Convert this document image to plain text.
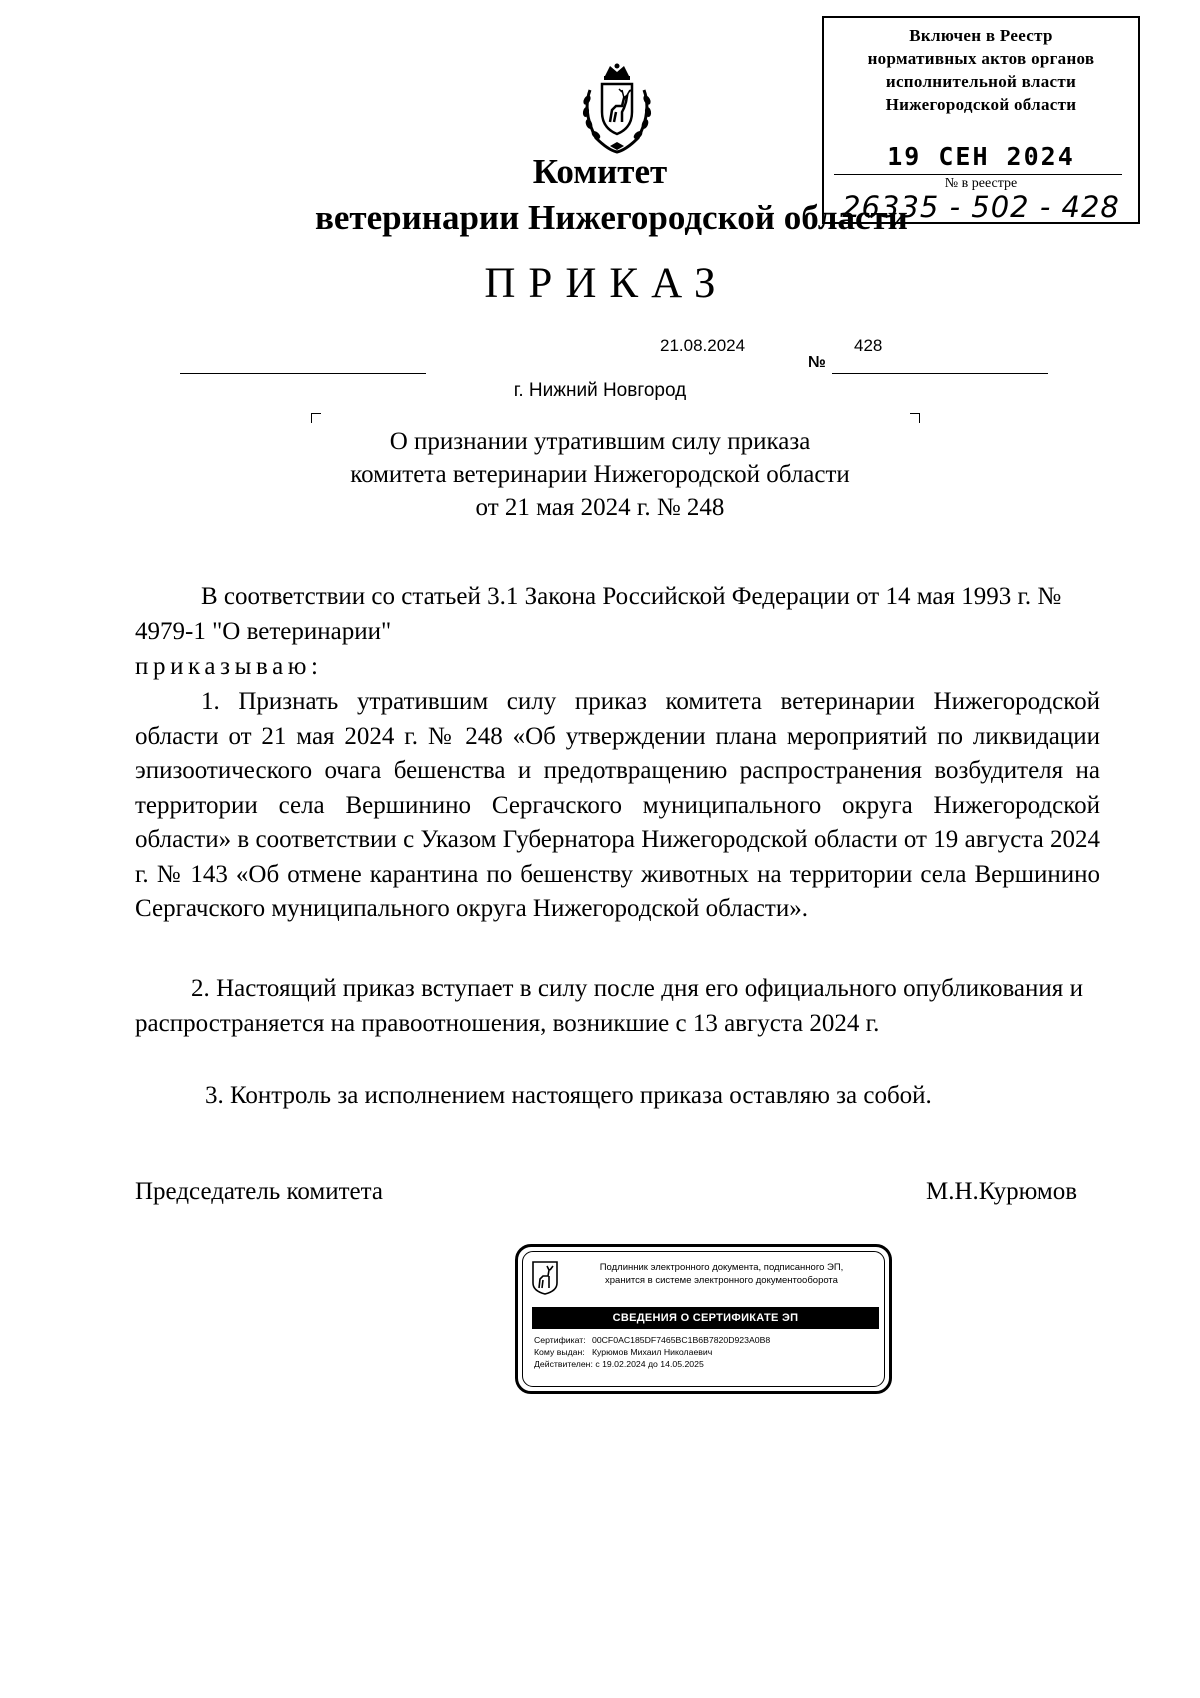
Включен в Реестр
нормативных актов органов
исполнительной власти
Нижегородской области
19 СЕН 2024
№ в реестре
26335 - 502 - 428
Комитет
ветеринарии Нижегородской области
ПРИКАЗ
21.08.2024
№
428
г. Нижний Новгород
О признании утратившим силу приказа
комитета ветеринарии Нижегородской области
от 21 мая 2024 г. № 248
В соответствии со статьей 3.1 Закона Российской Федерации от 14 мая 1993 г. № 4979-1 "О ветеринарии"
приказываю:
1. Признать утратившим силу приказ комитета ветеринарии Нижегородской области от 21 мая 2024 г. № 248 «Об утверждении плана мероприятий по ликвидации эпизоотического очага бешенства и предотвращению распространения возбудителя на территории села Вершинино Сергачского муниципального округа Нижегородской области» в соответствии с Указом Губернатора Нижегородской области от 19 августа 2024 г. № 143 «Об отмене карантина по бешенству животных на территории села Вершинино Сергачского муниципального округа Нижегородской области».
2. Настоящий приказ вступает в силу после дня его официального опубликования и распространяется на правоотношения, возникшие с 13 августа 2024 г.
3. Контроль за исполнением настоящего приказа оставляю за собой.
Председатель комитета	М.Н.Курюмов
Подлинник электронного документа, подписанного ЭП,
хранится в системе электронного документооборота
СВЕДЕНИЯ О СЕРТИФИКАТЕ ЭП
Сертификат: 00CF0AC185DF7465BC1B6B7820D923A0B8
Кому выдан: Курюмов Михаил Николаевич
Действителен: с 19.02.2024 до 14.05.2025
